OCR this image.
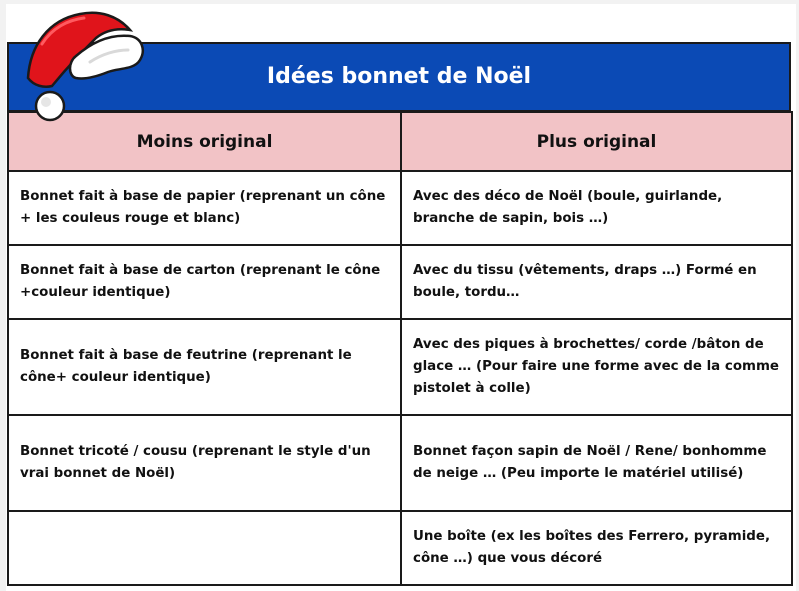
Idées bonnet de Noël
Moins original	Plus original
Bonnet fait à base de papier (reprenant un cône + les couleus rouge et blanc)	Avec des déco de Noël (boule, guirlande, branche de sapin, bois …)
Bonnet fait à base de carton (reprenant le cône +couleur identique)	Avec du tissu (vêtements, draps …) Formé en boule, tordu…
Bonnet fait à base de feutrine (reprenant le cône+ couleur identique)	Avec des piques à brochettes/ corde /bâton de glace … (Pour faire une forme avec de la comme pistolet à colle)
Bonnet tricoté / cousu (reprenant le style d'un vrai bonnet de Noël)	Bonnet façon sapin de Noël / Rene/ bonhomme de neige … (Peu importe le matériel utilisé)
	Une boîte (ex les boîtes des Ferrero, pyramide, cône …) que vous décoré
